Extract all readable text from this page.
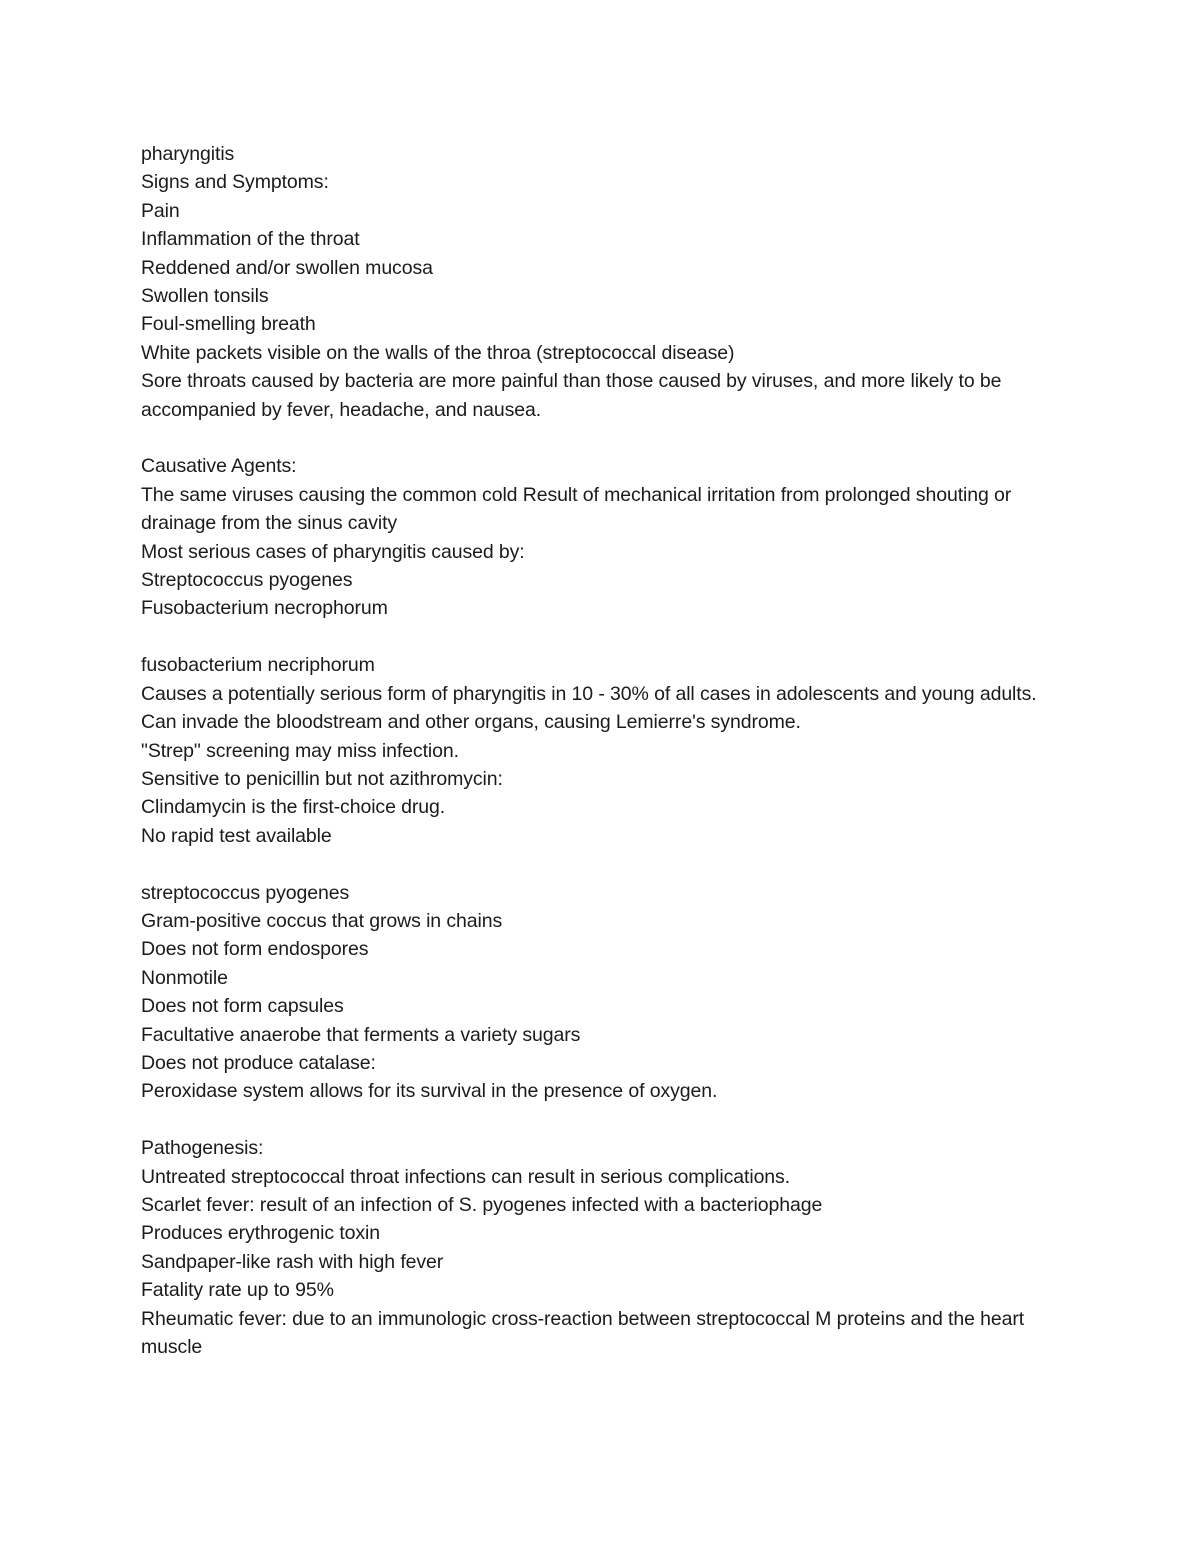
pharyngitis

Signs and Symptoms:

Pain

Inflammation of the throat

Reddened and/or swollen mucosa

Swollen tonsils

Foul-smelling breath

White packets visible on the walls of the throa (streptococcal disease)

Sore throats caused by bacteria are more painful than those caused by viruses, and more likely to be accompanied by fever, headache, and nausea.

Causative Agents:

The same viruses causing the common cold Result of mechanical irritation from prolonged shouting or drainage from the sinus cavity

Most serious cases of pharyngitis caused by:

Streptococcus pyogenes

Fusobacterium necrophorum

fusobacterium necriphorum

Causes a potentially serious form of pharyngitis in 10 - 30% of all cases in adolescents and young adults.

Can invade the bloodstream and other organs, causing Lemierre's syndrome.

"Strep" screening may miss infection.

Sensitive to penicillin but not azithromycin:

Clindamycin is the first-choice drug.

No rapid test available

streptococcus pyogenes

Gram-positive coccus that grows in chains

Does not form endospores

Nonmotile

Does not form capsules

Facultative anaerobe that ferments a variety sugars

Does not produce catalase:

Peroxidase system allows for its survival in the presence of oxygen.

Pathogenesis:

Untreated streptococcal throat infections can result in serious complications.

Scarlet fever: result of an infection of S. pyogenes infected with a bacteriophage

Produces erythrogenic toxin

Sandpaper-like rash with high fever

Fatality rate up to 95%

Rheumatic fever: due to an immunologic cross-reaction between streptococcal M proteins and the heart muscle
